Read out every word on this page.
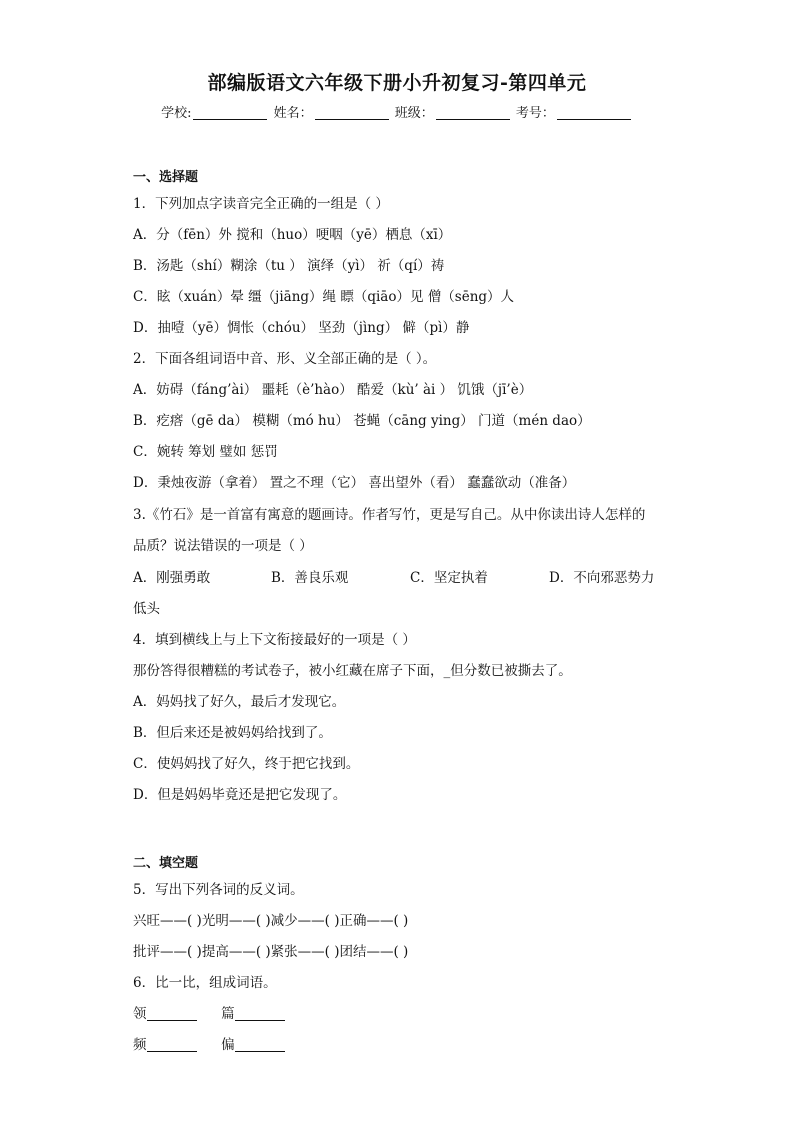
部编版语文六年级下册小升初复习-第四单元
学校:	姓名：	班级：	考号：
一、选择题
1．下列加点字读音完全正确的一组是（ ）
A．分（fēn）外 搅和（huo）哽咽（yē）栖息（xī）
B．汤匙（shí）糊涂（tu ） 演绎（yì） 祈（qí）祷
C．眩（xuán）晕 缰（jiāng）绳 瞟（qiāo）见 僧（sēng）人
D．抽噎（yē）惆怅（chóu） 坚劲（jìng） 僻（pì）静
2．下面各组词语中音、形、义全部正确的是（ ）。
A．妨碍（fáng’ài） 噩耗（è’hào） 酷爱（kù’ ài ） 饥饿（jī’è）
B．疙瘩（gē da） 模糊（mó hu） 苍蝇（cāng ying） 门道（mén dao）
C．婉转 筹划 璧如 惩罚
D．秉烛夜游（拿着） 置之不理（它） 喜出望外（看） 蠢蠢欲动（准备）
3.《竹石》是一首富有寓意的题画诗。作者写竹，更是写自己。从中你读出诗人怎样的
品质？说法错误的一项是（ ）
A．刚强勇敢	B．善良乐观	C．坚定执着	D．不向邪恶势力
低头
4．填到横线上与上下文衔接最好的一项是（ ）
那份答得很糟糕的考试卷子，被小红藏在席子下面，_但分数已被撕去了。
A．妈妈找了好久，最后才发现它。
B．但后来还是被妈妈给找到了。
C．使妈妈找了好久，终于把它找到。
D．但是妈妈毕竟还是把它发现了。
二、填空题
5．写出下列各词的反义词。
兴旺——( )光明——( )减少——( )正确——( )
批评——( )提高——( )紧张——( )团结——( )
6．比一比，组成词语。
领	篇
频	偏
